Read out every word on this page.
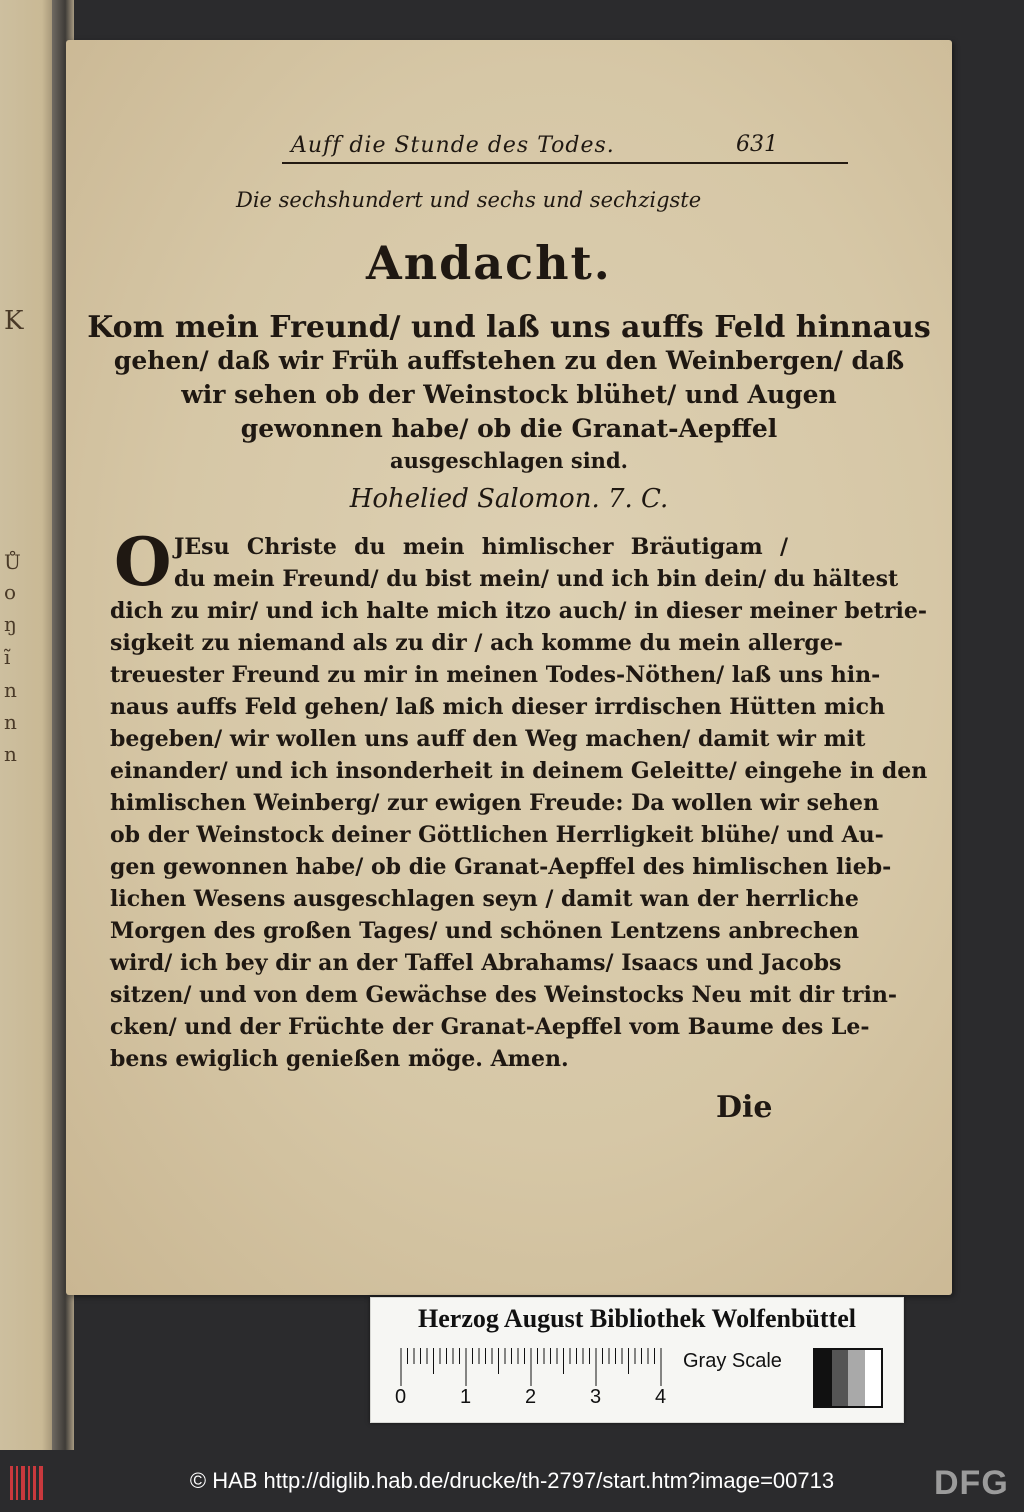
K
Ů
o
ŋ
ĩ
n
n
n
Auff die Stunde des Todes.	631
Die sechshundert und sechs und sechzigste
Andacht.
Kom mein Freund/ und laß uns auffs Feld hinnaus
gehen/ daß wir Früh auffstehen zu den Weinbergen/ daß
wir sehen ob der Weinstock blühet/ und Augen
gewonnen habe/ ob die Granat-Aepffel
ausgeschlagen sind.
Hohelied Salomon. 7. C.
O JEsu Christe du mein himlischer Bräutigam /
du mein Freund/ du bist mein/ und ich bin dein/ du hältest
dich zu mir/ und ich halte mich itzo auch/ in dieser meiner betrie-
sigkeit zu niemand als zu dir / ach komme du mein allerge-
treuester Freund zu mir in meinen Todes-Nöthen/ laß uns hin-
naus auffs Feld gehen/ laß mich dieser irrdischen Hütten mich
begeben/ wir wollen uns auff den Weg machen/ damit wir mit
einander/ und ich insonderheit in deinem Geleitte/ eingehe in den
himlischen Weinberg/ zur ewigen Freude: Da wollen wir sehen
ob der Weinstock deiner Göttlichen Herrligkeit blühe/ und Au-
gen gewonnen habe/ ob die Granat-Aepffel des himlischen lieb-
lichen Wesens ausgeschlagen seyn / damit wan der herrliche
Morgen des großen Tages/ und schönen Lentzens anbrechen
wird/ ich bey dir an der Taffel Abrahams/ Isaacs und Jacobs
sitzen/ und von dem Gewächse des Weinstocks Neu mit dir trin-
cken/ und der Früchte der Granat-Aepffel vom Baume des Le-
bens ewiglich genießen möge. Amen.
Die
Herzog August Bibliothek Wolfenbüttel
0	1	2	3	4
Gray Scale
© HAB http://diglib.hab.de/drucke/th-2797/start.htm?image=00713	DFG
